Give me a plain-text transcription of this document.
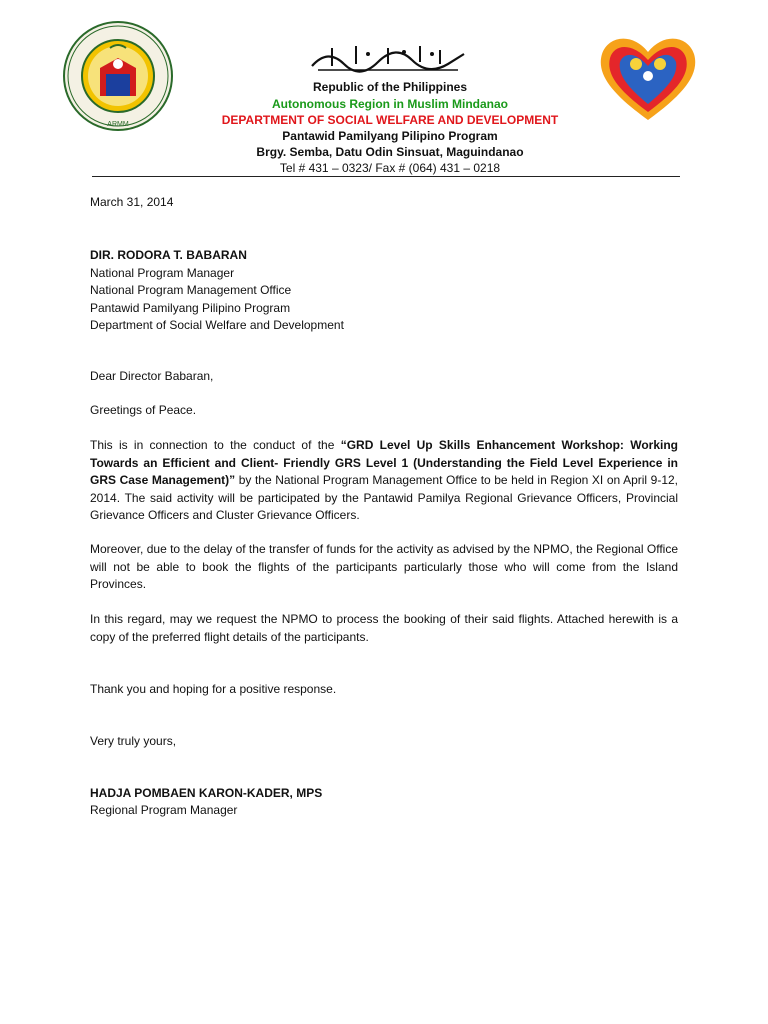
ARMM
Republic of the Philippines
Autonomous Region in Muslim Mindanao
DEPARTMENT OF SOCIAL WELFARE AND DEVELOPMENT
Pantawid Pamilyang Pilipino Program
Brgy. Semba, Datu Odin Sinsuat, Maguindanao
Tel # 431 – 0323/ Fax # (064) 431 – 0218
March 31, 2014
DIR. RODORA T. BABARAN
National Program Manager
National Program Management Office
Pantawid Pamilyang Pilipino Program
Department of Social Welfare and Development
Dear Director Babaran,
Greetings of Peace.
This is in connection to the conduct of the “GRD Level Up Skills Enhancement Workshop: Working Towards an Efficient and Client- Friendly GRS Level 1 (Understanding the Field Level Experience in GRS Case Management)” by the National Program Management Office to be held in Region XI on April 9-12, 2014. The said activity will be participated by the Pantawid Pamilya Regional Grievance Officers, Provincial Grievance Officers and Cluster Grievance Officers.
Moreover, due to the delay of the transfer of funds for the activity as advised by the NPMO, the Regional Office will not be able to book the flights of the participants particularly those who will come from the Island Provinces.
In this regard, may we request the NPMO to process the booking of their said flights. Attached herewith is a copy of the preferred flight details of the participants.
Thank you and hoping for a positive response.
Very truly yours,
HADJA POMBAEN KARON-KADER, MPS
Regional Program Manager
